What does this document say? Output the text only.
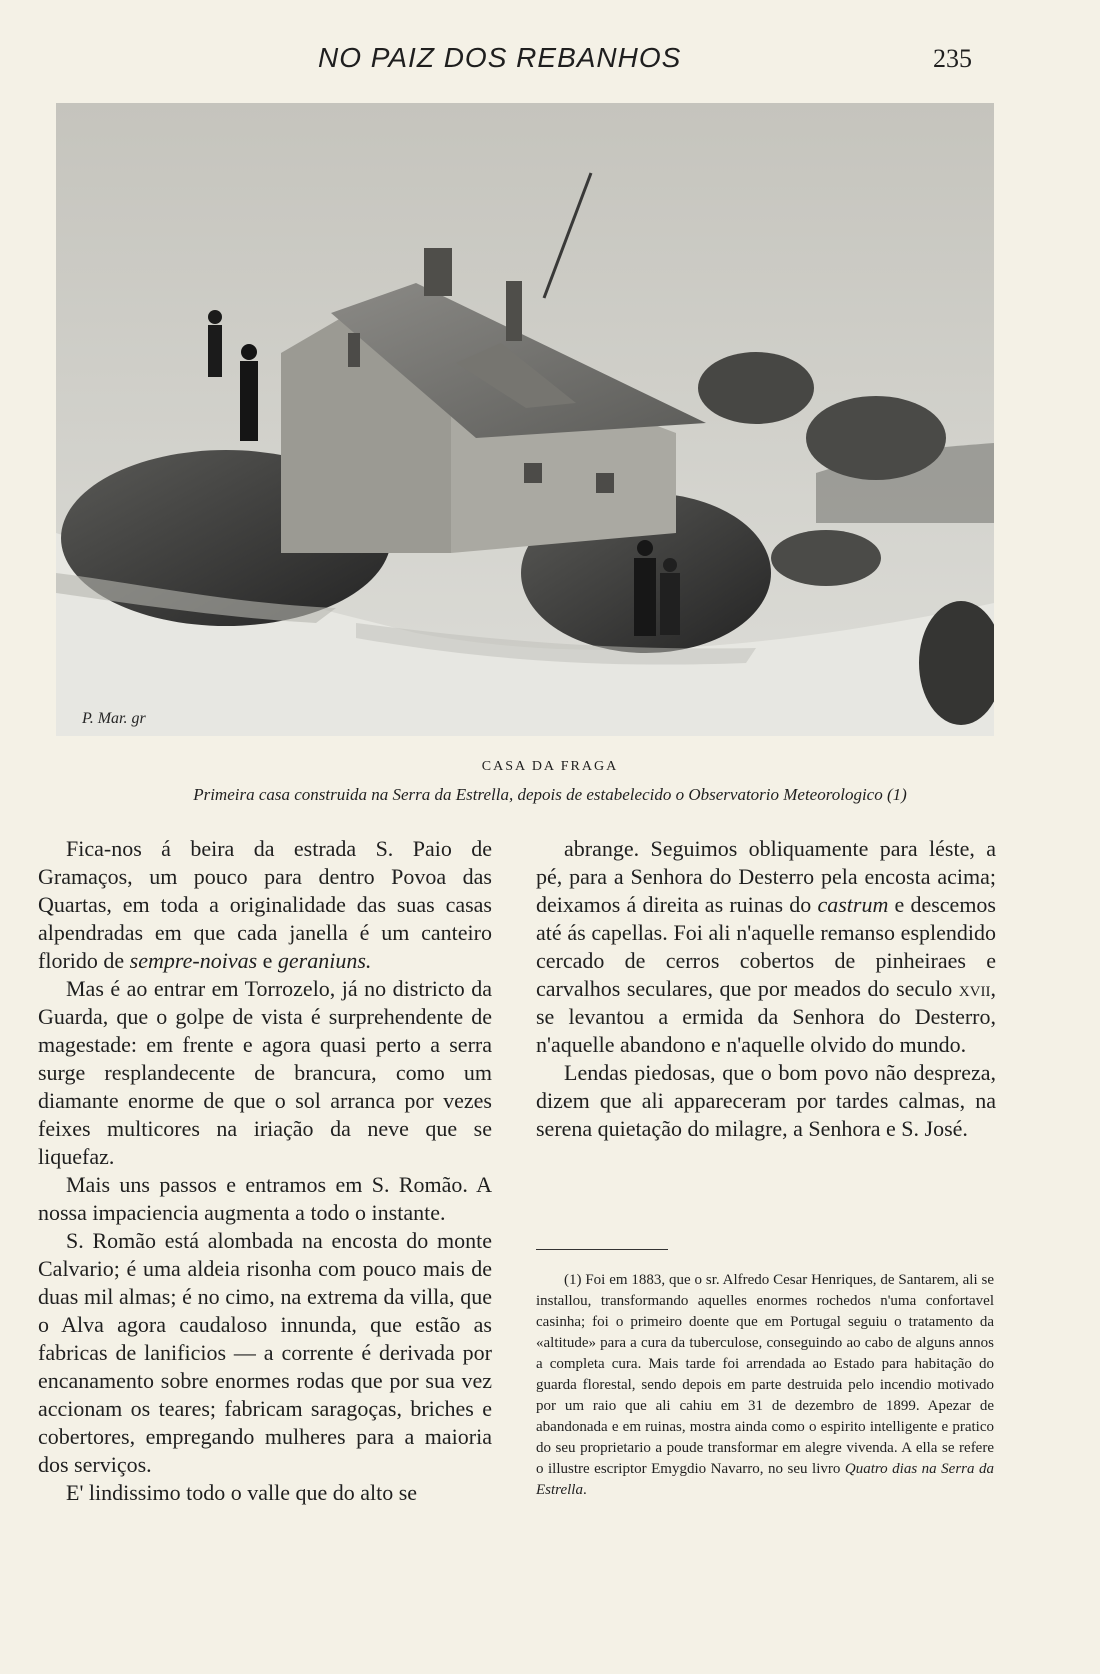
NO PAIZ DOS REBANHOS	235
P. Mar. gr
CASA DA FRAGA
Primeira casa construida na Serra da Estrella, depois de estabelecido o Observatorio Meteorologico (1)

Fica-nos á beira da estrada S. Paio de Gramaços, um pouco para dentro Povoa das Quartas, em toda a originalidade das suas casas alpendradas em que cada janella é um canteiro florido de sempre-noivas e geraniuns.

Mas é ao entrar em Torrozelo, já no districto da Guarda, que o golpe de vista é surprehendente de magestade: em frente e agora quasi perto a serra surge resplandecente de brancura, como um diamante enorme de que o sol arranca por vezes feixes multicores na iriação da neve que se liquefaz.

Mais uns passos e entramos em S. Romão. A nossa impaciencia augmenta a todo o instante.

S. Romão está alombada na encosta do monte Calvario; é uma aldeia risonha com pouco mais de duas mil almas; é no cimo, na extrema da villa, que o Alva agora caudaloso innunda, que estão as fabricas de lanificios — a corrente é derivada por encanamento sobre enormes rodas que por sua vez accionam os teares; fabricam saragoças, briches e cobertores, empregando mulheres para a maioria dos serviços.

E' lindissimo todo o valle que do alto se

abrange. Seguimos obliquamente para léste, a pé, para a Senhora do Desterro pela encosta acima; deixamos á direita as ruinas do castrum e descemos até ás capellas. Foi ali n'aquelle remanso esplendido cercado de cerros cobertos de pinheiraes e carvalhos seculares, que por meados do seculo xvii, se levantou a ermida da Senhora do Desterro, n'aquelle abandono e n'aquelle olvido do mundo.

Lendas piedosas, que o bom povo não despreza, dizem que ali appareceram por tardes calmas, na serena quietação do milagre, a Senhora e S. José.

(1) Foi em 1883, que o sr. Alfredo Cesar Henriques, de Santarem, ali se installou, transformando aquelles enormes rochedos n'uma confortavel casinha; foi o primeiro doente que em Portugal seguiu o tratamento da «altitude» para a cura da tuberculose, conseguindo ao cabo de alguns annos a completa cura. Mais tarde foi arrendada ao Estado para habitação do guarda florestal, sendo depois em parte destruida pelo incendio motivado por um raio que ali cahiu em 31 de dezembro de 1899. Apezar de abandonada e em ruinas, mostra ainda como o espirito intelligente e pratico do seu proprietario a poude transformar em alegre vivenda. A ella se refere o illustre escriptor Emygdio Navarro, no seu livro Quatro dias na Serra da Estrella.
